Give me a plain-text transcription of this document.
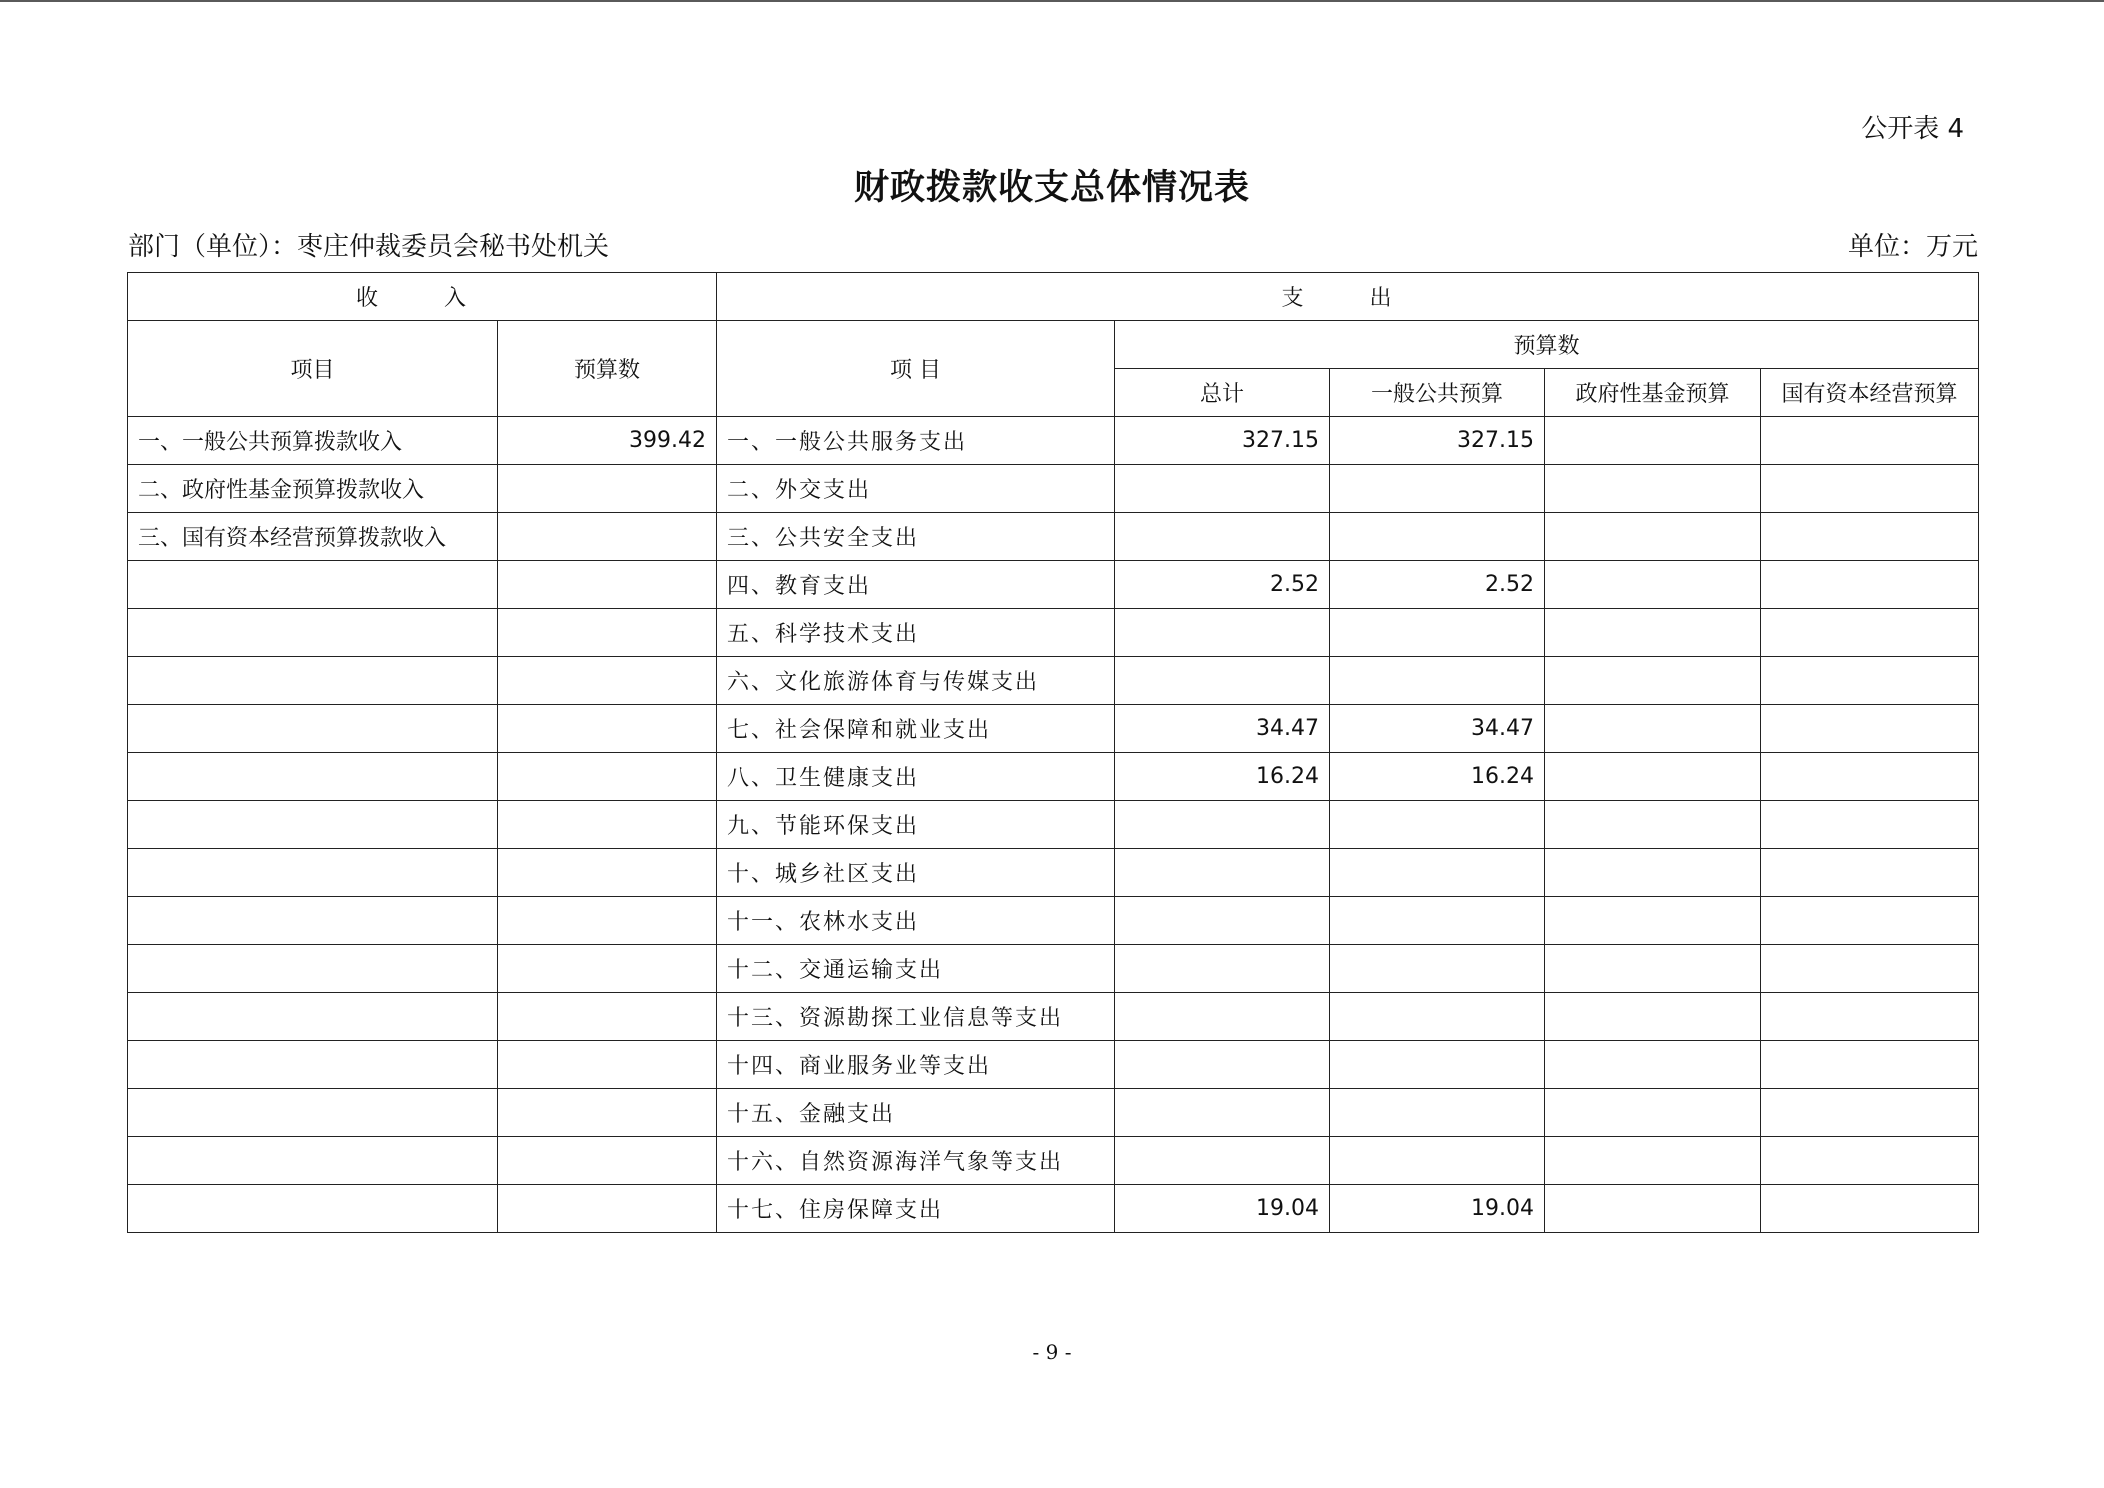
公开表 4
财政拨款收支总体情况表
部门（单位）：枣庄仲裁委员会秘书处机关	单位：万元
收　入		支　出				
项目	预算数	项 目	预算数			
			总计	一般公共预算	政府性基金预算	国有资本经营预算
一、一般公共预算拨款收入	399.42	一、一般公共服务支出	327.15	327.15		
二、政府性基金预算拨款收入		二、外交支出				
三、国有资本经营预算拨款收入		三、公共安全支出				
		四、教育支出	2.52	2.52		
		五、科学技术支出				
		六、文化旅游体育与传媒支出				
		七、社会保障和就业支出	34.47	34.47		
		八、卫生健康支出	16.24	16.24		
		九、节能环保支出				
		十、城乡社区支出				
		十一、农林水支出				
		十二、交通运输支出				
		十三、资源勘探工业信息等支出				
		十四、商业服务业等支出				
		十五、金融支出				
		十六、自然资源海洋气象等支出				
		十七、住房保障支出	19.04	19.04		
- 9 -
